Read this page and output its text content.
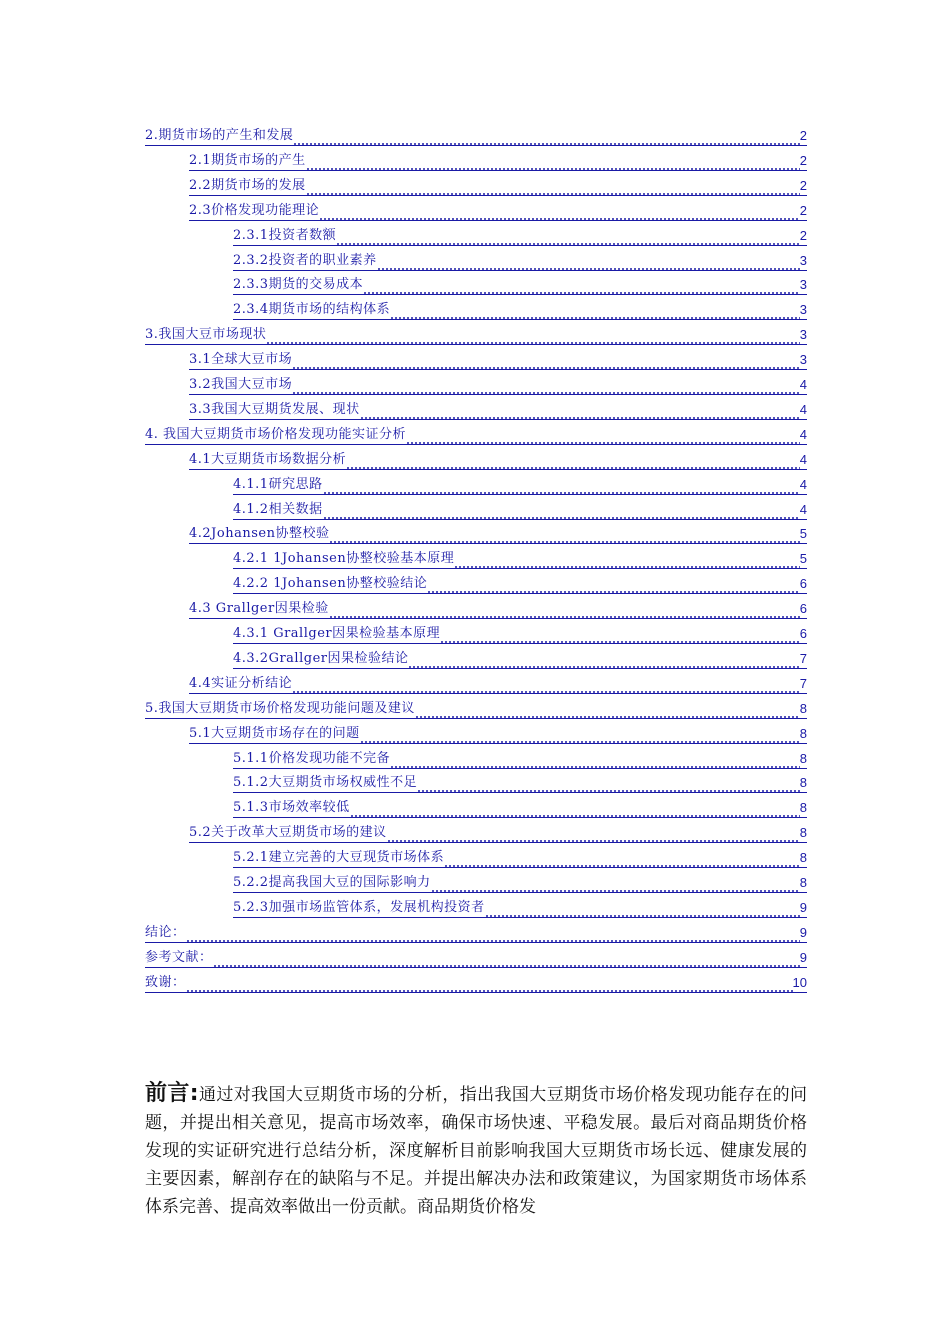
2.期货市场的产生和发展	2
2.1期货市场的产生	2
2.2期货市场的发展	2
2.3价格发现功能理论	2
2.3.1投资者数额	2
2.3.2投资者的职业素养	3
2.3.3期货的交易成本	3
2.3.4期货市场的结构体系	3
3.我国大豆市场现状	3
3.1全球大豆市场	3
3.2我国大豆市场	4
3.3我国大豆期货发展、现状	4
4. 我国大豆期货市场价格发现功能实证分析	4
4.1大豆期货市场数据分析	4
4.1.1研究思路	4
4.1.2相关数据	4
4.2Johansen协整校验	5
4.2.1 1Johansen协整校验基本原理	5
4.2.2 1Johansen协整校验结论	6
4.3 Grallger因果检验	6
4.3.1 Grallger因果检验基本原理	6
4.3.2Grallger因果检验结论	7
4.4实证分析结论	7
5.我国大豆期货市场价格发现功能问题及建议	8
5.1大豆期货市场存在的问题	8
5.1.1价格发现功能不完备	8
5.1.2大豆期货市场权威性不足	8
5.1.3市场效率较低	8
5.2关于改革大豆期货市场的建议	8
5.2.1建立完善的大豆现货市场体系	8
5.2.2提高我国大豆的国际影响力	8
5.2.3加强市场监管体系，发展机构投资者	9
结论：	9
参考文献：	9
致谢：	10
前言:通过对我国大豆期货市场的分析，指出我国大豆期货市场价格发现功能存在的问题，并提出相关意见，提高市场效率，确保市场快速、平稳发展。最后对商品期货价格发现的实证研究进行总结分析，深度解析目前影响我国大豆期货市场长远、健康发展的主要因素，解剖存在的缺陷与不足。并提出解决办法和政策建议，为国家期货市场体系体系完善、提高效率做出一份贡献。商品期货价格发
